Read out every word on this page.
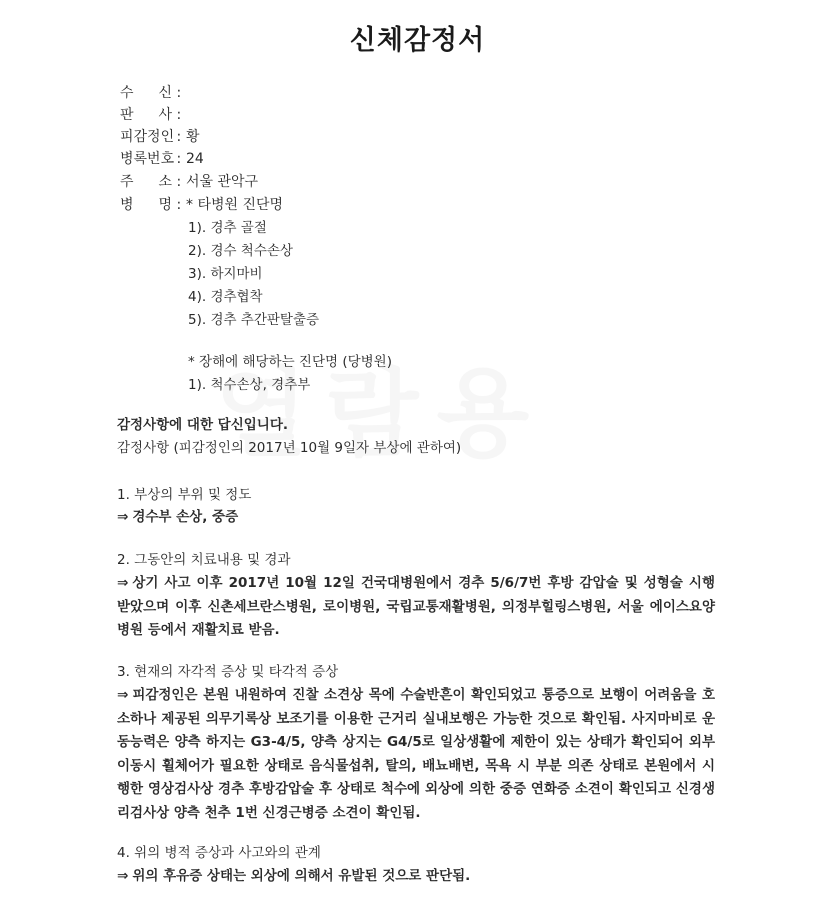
신체감정서
수 신 :
판 사 :
피감정인 : 황
병록번호 : 24
주 소 : 서울 관악구
병 명 : * 타병원 진단명
1). 경추 골절
2). 경수 척수손상
3). 하지마비
4). 경추협착
5). 경추 추간판탈출증
* 장해에 해당하는 진단명 (당병원)
1). 척수손상, 경추부
감정사항에 대한 답신입니다.
감정사항 (피감정인의 2017년 10월 9일자 부상에 관하여)
1. 부상의 부위 및 정도
⇒ 경수부 손상, 중증
2. 그동안의 치료내용 및 경과
⇒ 상기 사고 이후 2017년 10월 12일 건국대병원에서 경추 5/6/7번 후방 감압술 및 성형술 시행 받았으며 이후 신촌세브란스병원, 로이병원, 국립교통재활병원, 의정부힐링스병원, 서울 에이스요양병원 등에서 재활치료 받음.
3. 현재의 자각적 증상 및 타각적 증상
⇒ 피감정인은 본원 내원하여 진찰 소견상 목에 수술반흔이 확인되었고 통증으로 보행이 어려움을 호소하나 제공된 의무기록상 보조기를 이용한 근거리 실내보행은 가능한 것으로 확인됨. 사지마비로 운동능력은 양측 하지는 G3-4/5, 양측 상지는 G4/5로 일상생활에 제한이 있는 상태가 확인되어 외부 이동시 휠체어가 필요한 상태로 음식물섭취, 탈의, 배뇨배변, 목욕 시 부분 의존 상태로 본원에서 시행한 영상검사상 경추 후방감압술 후 상태로 척수에 외상에 의한 중증 연화증 소견이 확인되고 신경생리검사상 양측 천추 1번 신경근병증 소견이 확인됨.
4. 위의 병적 증상과 사고와의 관계
⇒ 위의 후유증 상태는 외상에 의해서 유발된 것으로 판단됨.
